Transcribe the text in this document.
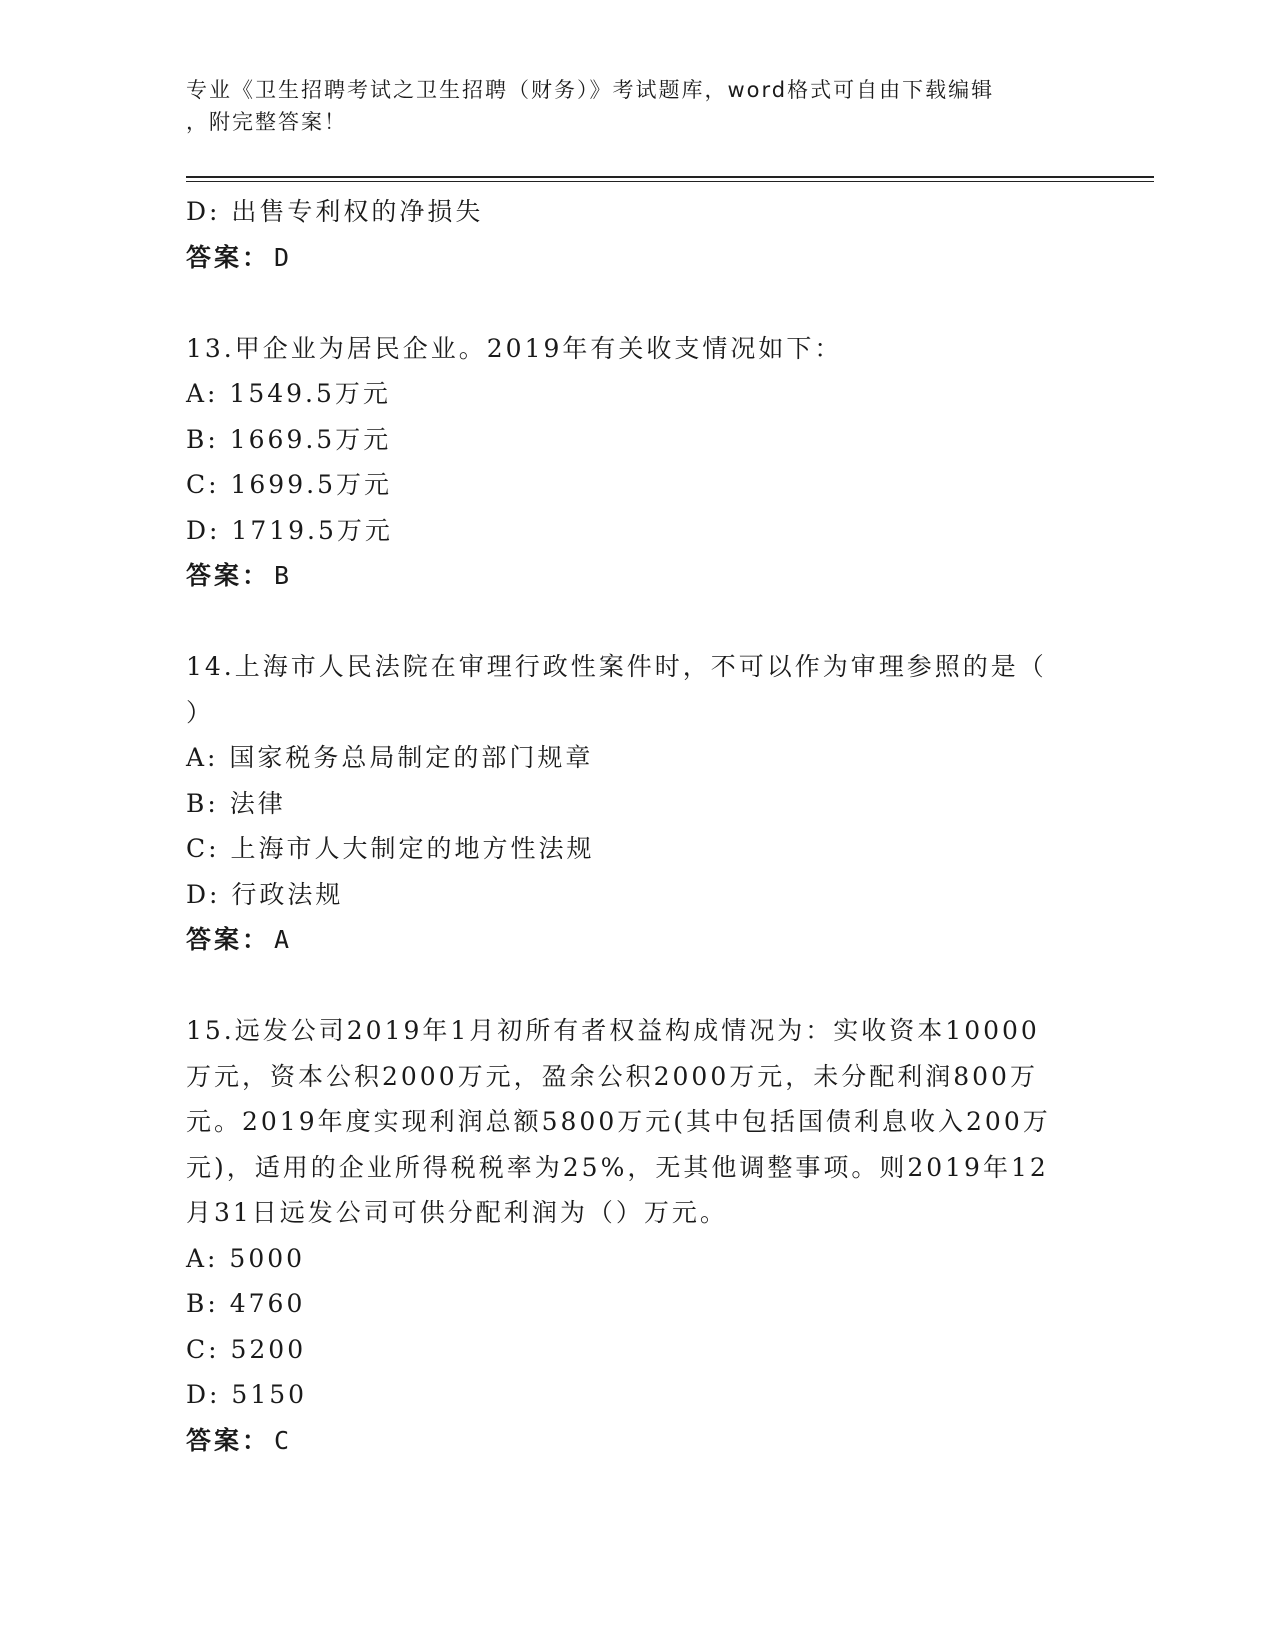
专业《卫生招聘考试之卫生招聘（财务）》考试题库，word格式可自由下载编辑
，附完整答案！
D: 出售专利权的净损失
答案： D
13.甲企业为居民企业。2019年有关收支情况如下：
A: 1549.5万元
B: 1669.5万元
C: 1699.5万元
D: 1719.5万元
答案： B
14.上海市人民法院在审理行政性案件时，不可以作为审理参照的是（
）
A: 国家税务总局制定的部门规章
B: 法律
C: 上海市人大制定的地方性法规
D: 行政法规
答案： A
15.远发公司2019年1月初所有者权益构成情况为：实收资本10000
万元，资本公积2000万元，盈余公积2000万元，未分配利润800万
元。2019年度实现利润总额5800万元(其中包括国债利息收入200万
元)，适用的企业所得税税率为25%，无其他调整事项。则2019年12
月31日远发公司可供分配利润为（）万元。
A: 5000
B: 4760
C: 5200
D: 5150
答案： C
